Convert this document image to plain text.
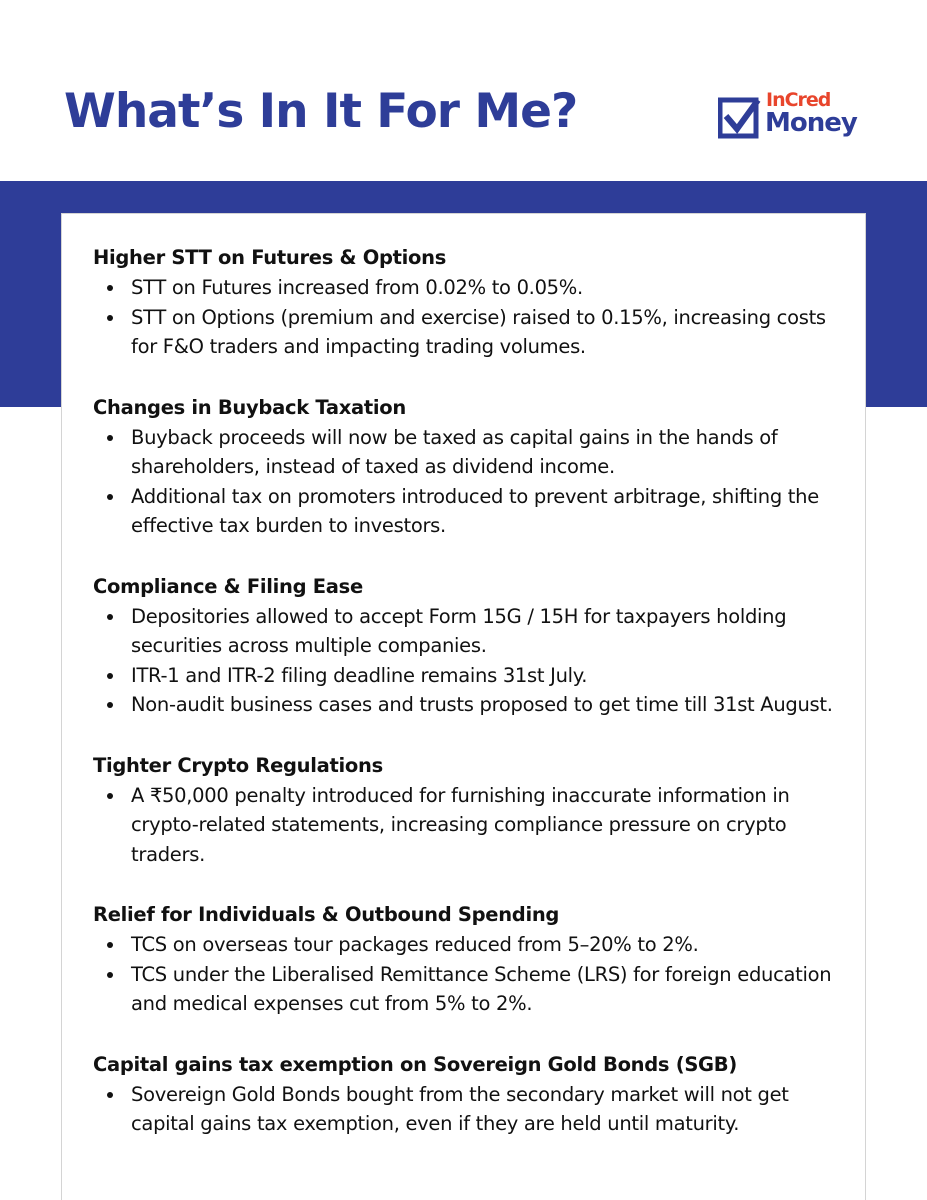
What’s In It For Me?	InCred
Money
Higher STT on Futures & Options
STT on Futures increased from 0.02% to 0.05%.
STT on Options (premium and exercise) raised to 0.15%, increasing costs for F&O traders and impacting trading volumes.
Changes in Buyback Taxation
Buyback proceeds will now be taxed as capital gains in the hands of shareholders, instead of taxed as dividend income.
Additional tax on promoters introduced to prevent arbitrage, shifting the effective tax burden to investors.
Compliance & Filing Ease
Depositories allowed to accept Form 15G / 15H for taxpayers holding securities across multiple companies.
ITR-1 and ITR-2 filing deadline remains 31st July.
Non-audit business cases and trusts proposed to get time till 31st August.
Tighter Crypto Regulations
A ₹50,000 penalty introduced for furnishing inaccurate information in crypto-related statements, increasing compliance pressure on crypto traders.
Relief for Individuals & Outbound Spending
TCS on overseas tour packages reduced from 5–20% to 2%.
TCS under the Liberalised Remittance Scheme (LRS) for foreign education and medical expenses cut from 5% to 2%.
Capital gains tax exemption on Sovereign Gold Bonds (SGB)
Sovereign Gold Bonds bought from the secondary market will not get capital gains tax exemption, even if they are held until maturity.
